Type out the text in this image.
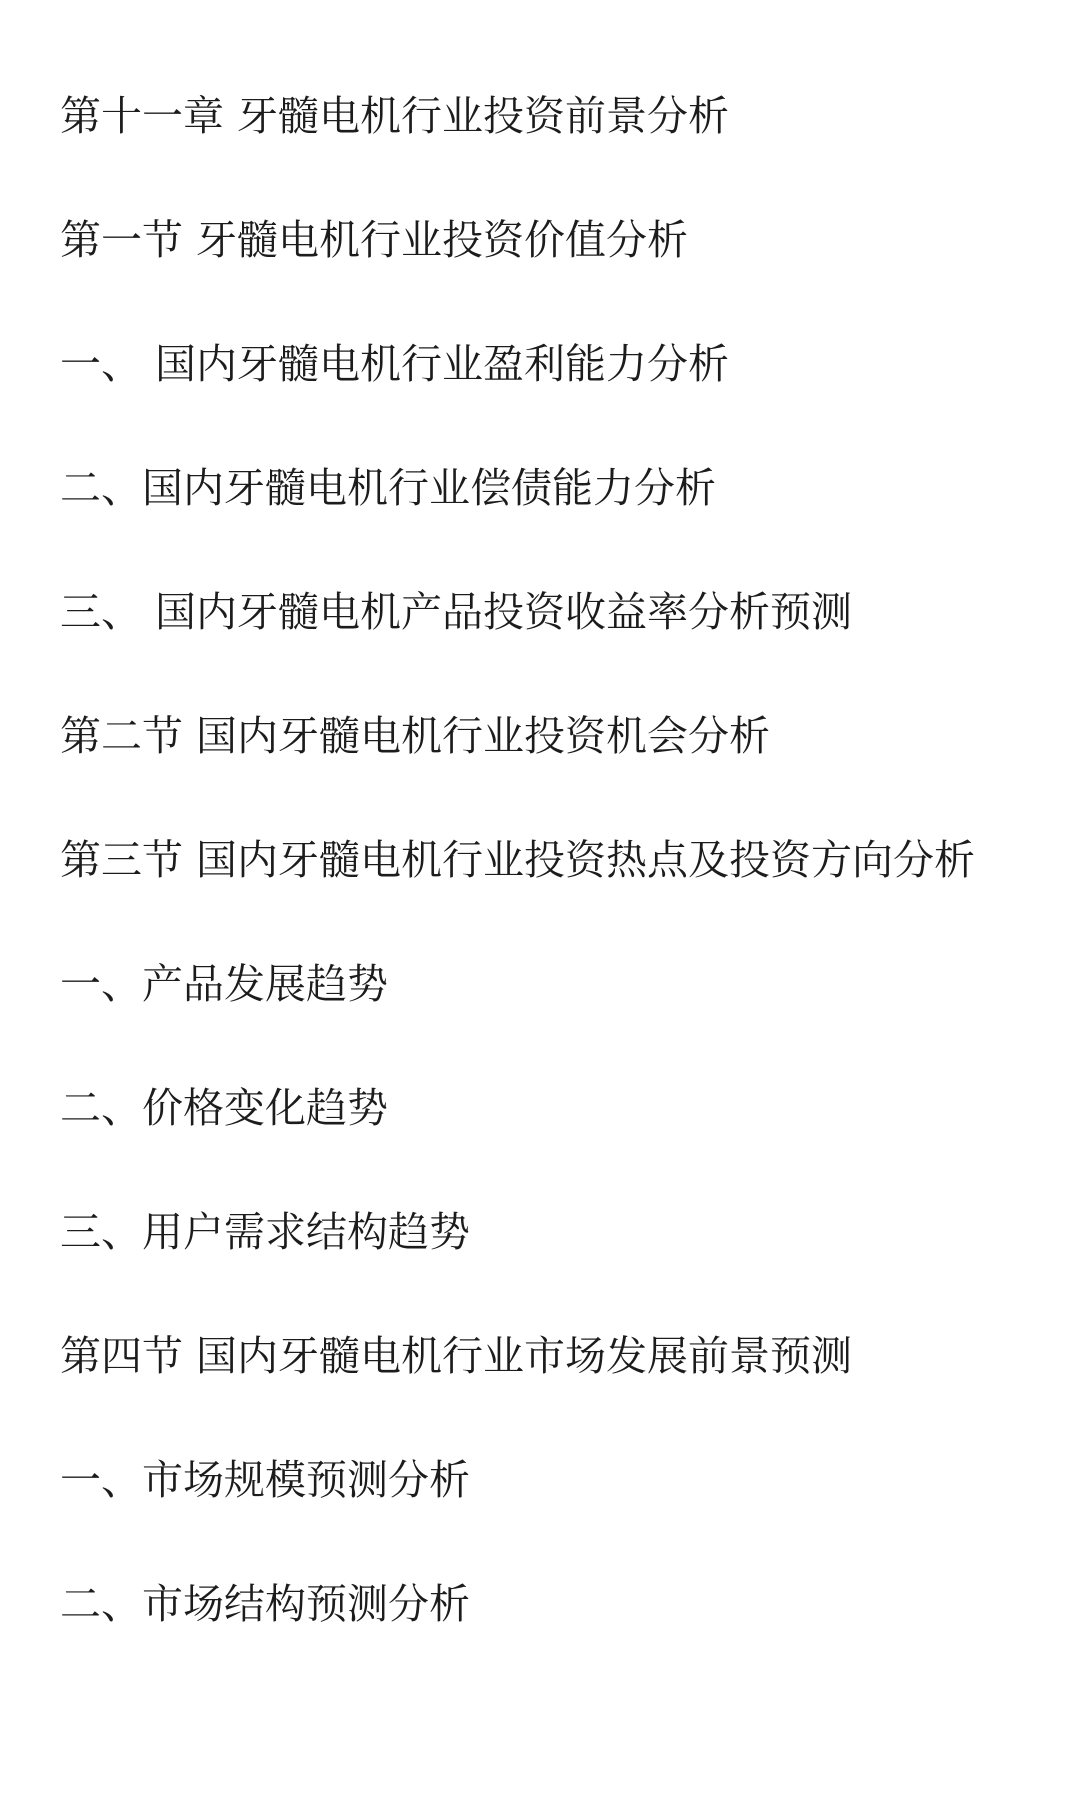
第十一章 牙髓电机行业投资前景分析

第一节 牙髓电机行业投资价值分析

一、 国内牙髓电机行业盈利能力分析

二、国内牙髓电机行业偿债能力分析

三、 国内牙髓电机产品投资收益率分析预测

第二节 国内牙髓电机行业投资机会分析

第三节 国内牙髓电机行业投资热点及投资方向分析

一、产品发展趋势

二、价格变化趋势

三、用户需求结构趋势

第四节 国内牙髓电机行业市场发展前景预测

一、市场规模预测分析

二、市场结构预测分析
